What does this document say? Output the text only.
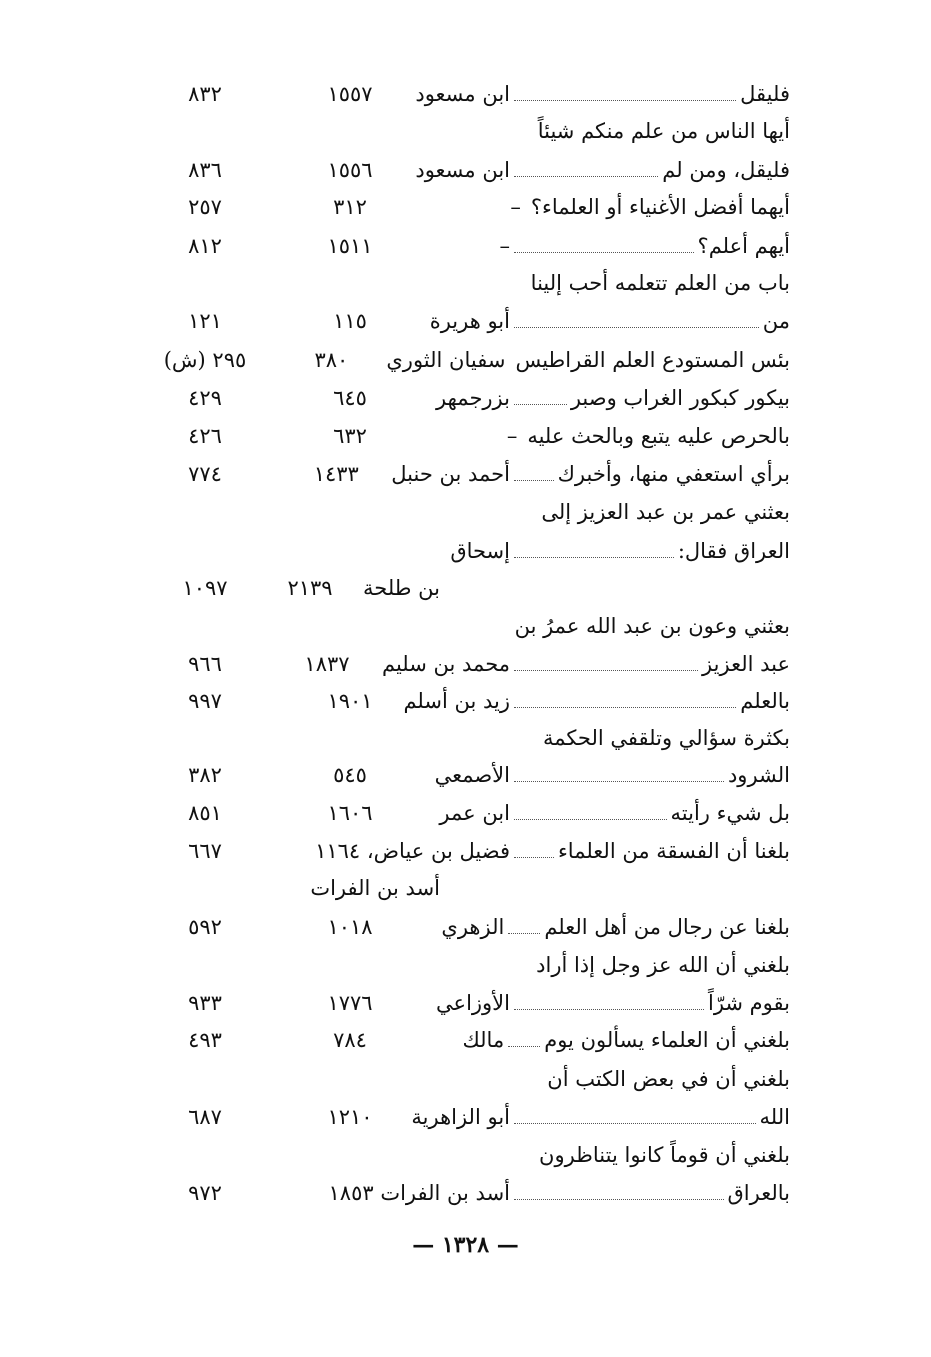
فليقل
ابن مسعود
١٥٥٧
٨٣٢
أيها الناس من علم منكم شيئاً
فليقل، ومن لم
ابن مسعود
١٥٥٦
٨٣٦
أيهما أفضل الأغنياء أو العلماء؟
–
٣١٢
٢٥٧
أيهم أعلم؟
–
١٥١١
٨١٢
باب من العلم تتعلمه أحب إلينا
من
أبو هريرة
١١٥
١٢١
بئس المستودع العلم القراطيس
سفيان الثوري
٣٨٠
٢٩٥ (ش)
بيكور كبكور الغراب وصبر
بزرجمهر
٦٤٥
٤٢٩
بالحرص عليه يتبع وبالحث عليه
–
٦٣٢
٤٢٦
برأي استعفي منها، وأخبرك
أحمد بن حنبل
١٤٣٣
٧٧٤
بعثني عمر بن عبد العزيز إلى
العراق فقال:
إسحاق
بن طلحة
٢١٣٩
١٠٩٧
بعثني وعون بن عبد الله عمرُ بن
عبد العزيز
محمد بن سليم
١٨٣٧
٩٦٦
بالعلم
زيد بن أسلم
١٩٠١
٩٩٧
بكثرة سؤالي وتلقفي الحكمة
الشرود
الأصمعي
٥٤٥
٣٨٢
بل شيء رأيته
ابن عمر
١٦٠٦
٨٥١
بلغنا أن الفسقة من العلماء
فضيل بن عياض، ١١٦٤
٦٦٧
أسد بن الفرات
بلغنا عن رجال من أهل العلم
الزهري
١٠١٨
٥٩٢
بلغني أن الله عز وجل إذا أراد
بقوم شرّاً
الأوزاعي
١٧٧٦
٩٣٣
بلغني أن العلماء يسألون يوم
مالك
٧٨٤
٤٩٣
بلغني أن في بعض الكتب أن
الله
أبو الزاهرية
١٢١٠
٦٨٧
بلغني أن قوماً كانوا يتناظرون
بالعراق
أسد بن الفرات ١٨٥٣
٩٧٢
— ١٣٢٨ —
